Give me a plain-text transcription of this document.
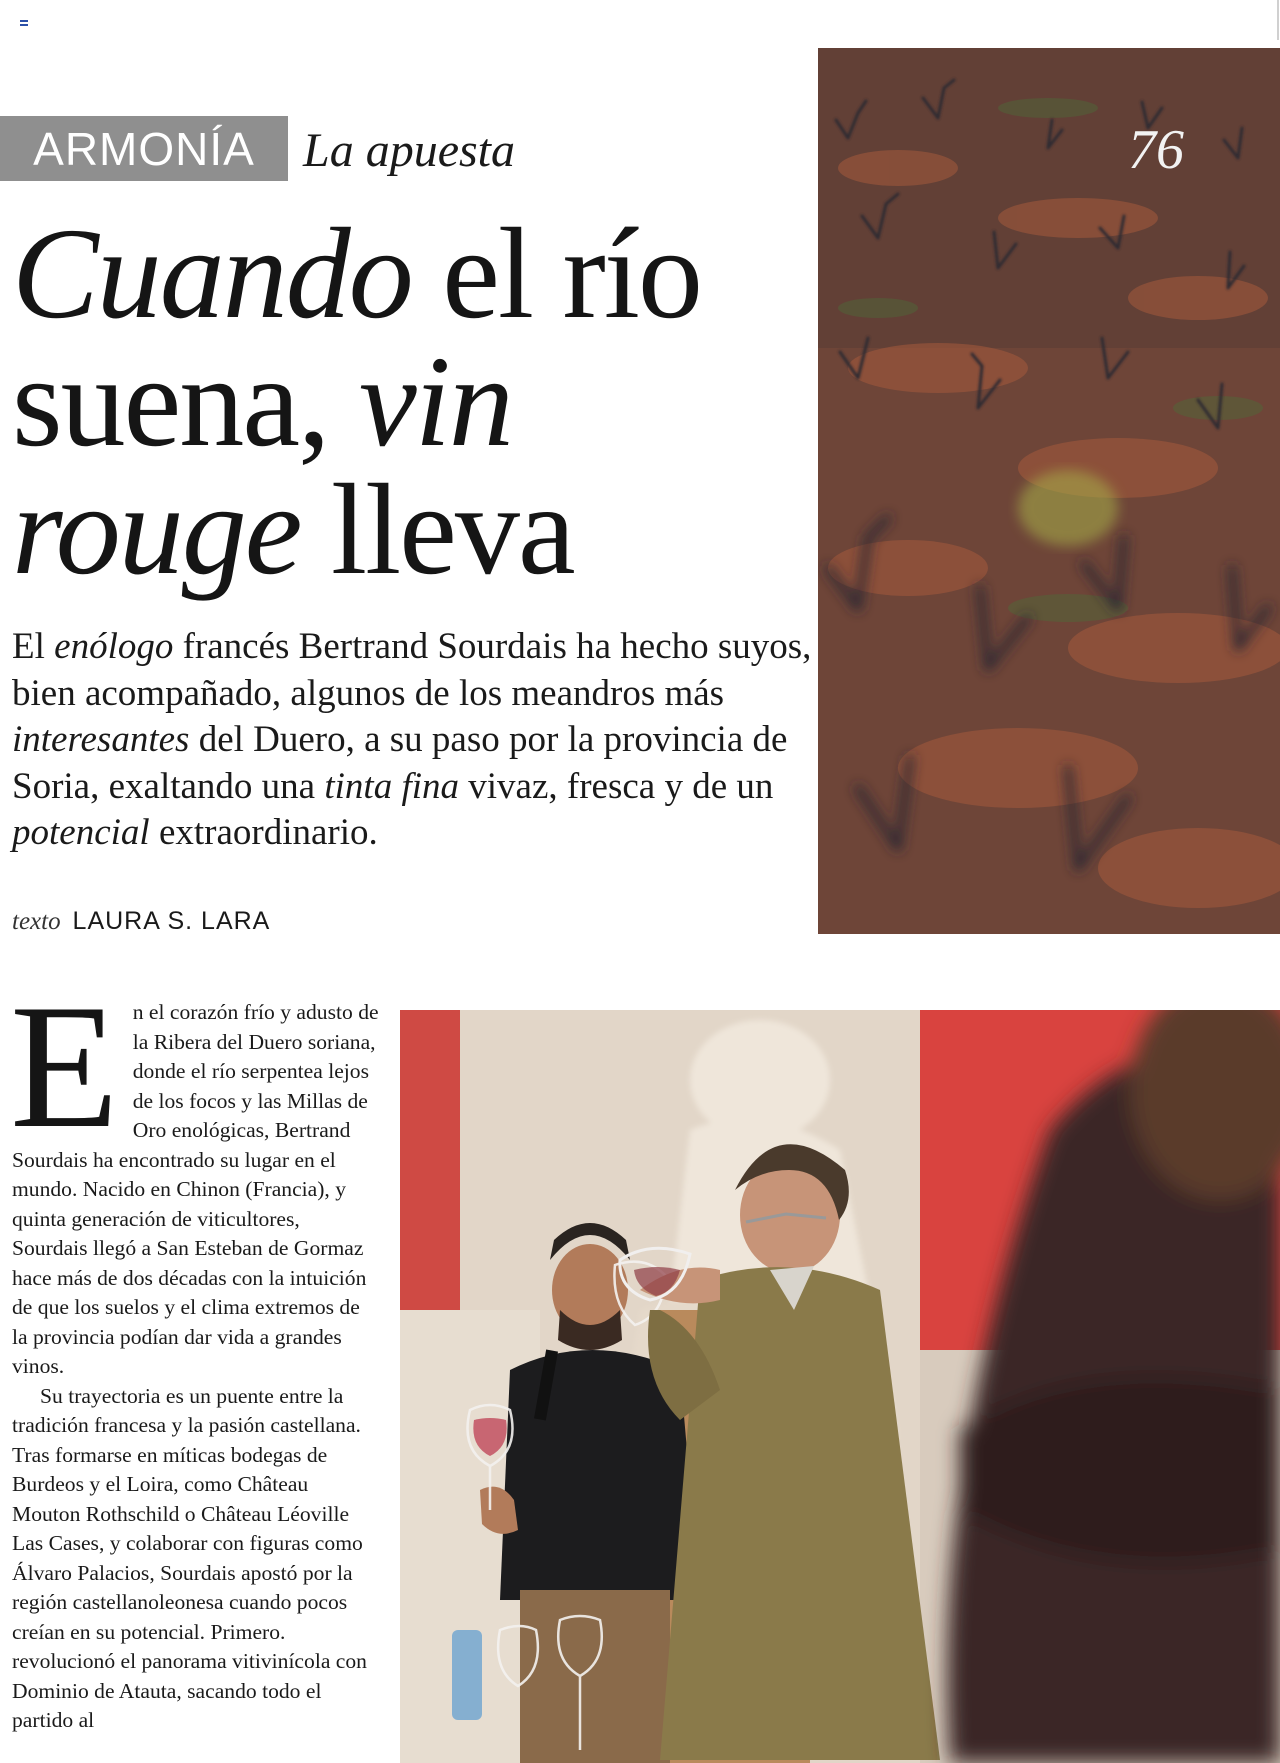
ARMONÍA	La apuesta
Cuando el río suena, vin rouge lleva

El enólogo francés Bertrand Sourdais ha hecho suyos, bien acompañado, algunos de los meandros más interesantes del Duero, a su paso por la provincia de Soria, exaltando una tinta fina vivaz, fresca y de un potencial extraordinario.

texto LAURA S. LARA
76

En el corazón frío y adusto de la Ribera del Duero soriana, donde el río serpentea lejos de los focos y las Millas de Oro enológicas, Bertrand Sourdais ha encontrado su lugar en el mundo. Nacido en Chinon (Francia), y quinta generación de viticultores, Sourdais llegó a San Esteban de Gormaz hace más de dos décadas con la intuición de que los suelos y el clima extremos de la provincia podían dar vida a grandes vinos.

Su trayectoria es un puente entre la tradición francesa y la pasión castellana. Tras formarse en míticas bodegas de Burdeos y el Loira, como Château Mouton Rothschild o Château Léoville Las Cases, y colaborar con figuras como Álvaro Palacios, Sourdais apostó por la región castellanoleonesa cuando pocos creían en su potencial. Primero. revolucionó el panorama vitivinícola con Dominio de Atauta, sacando todo el partido al
